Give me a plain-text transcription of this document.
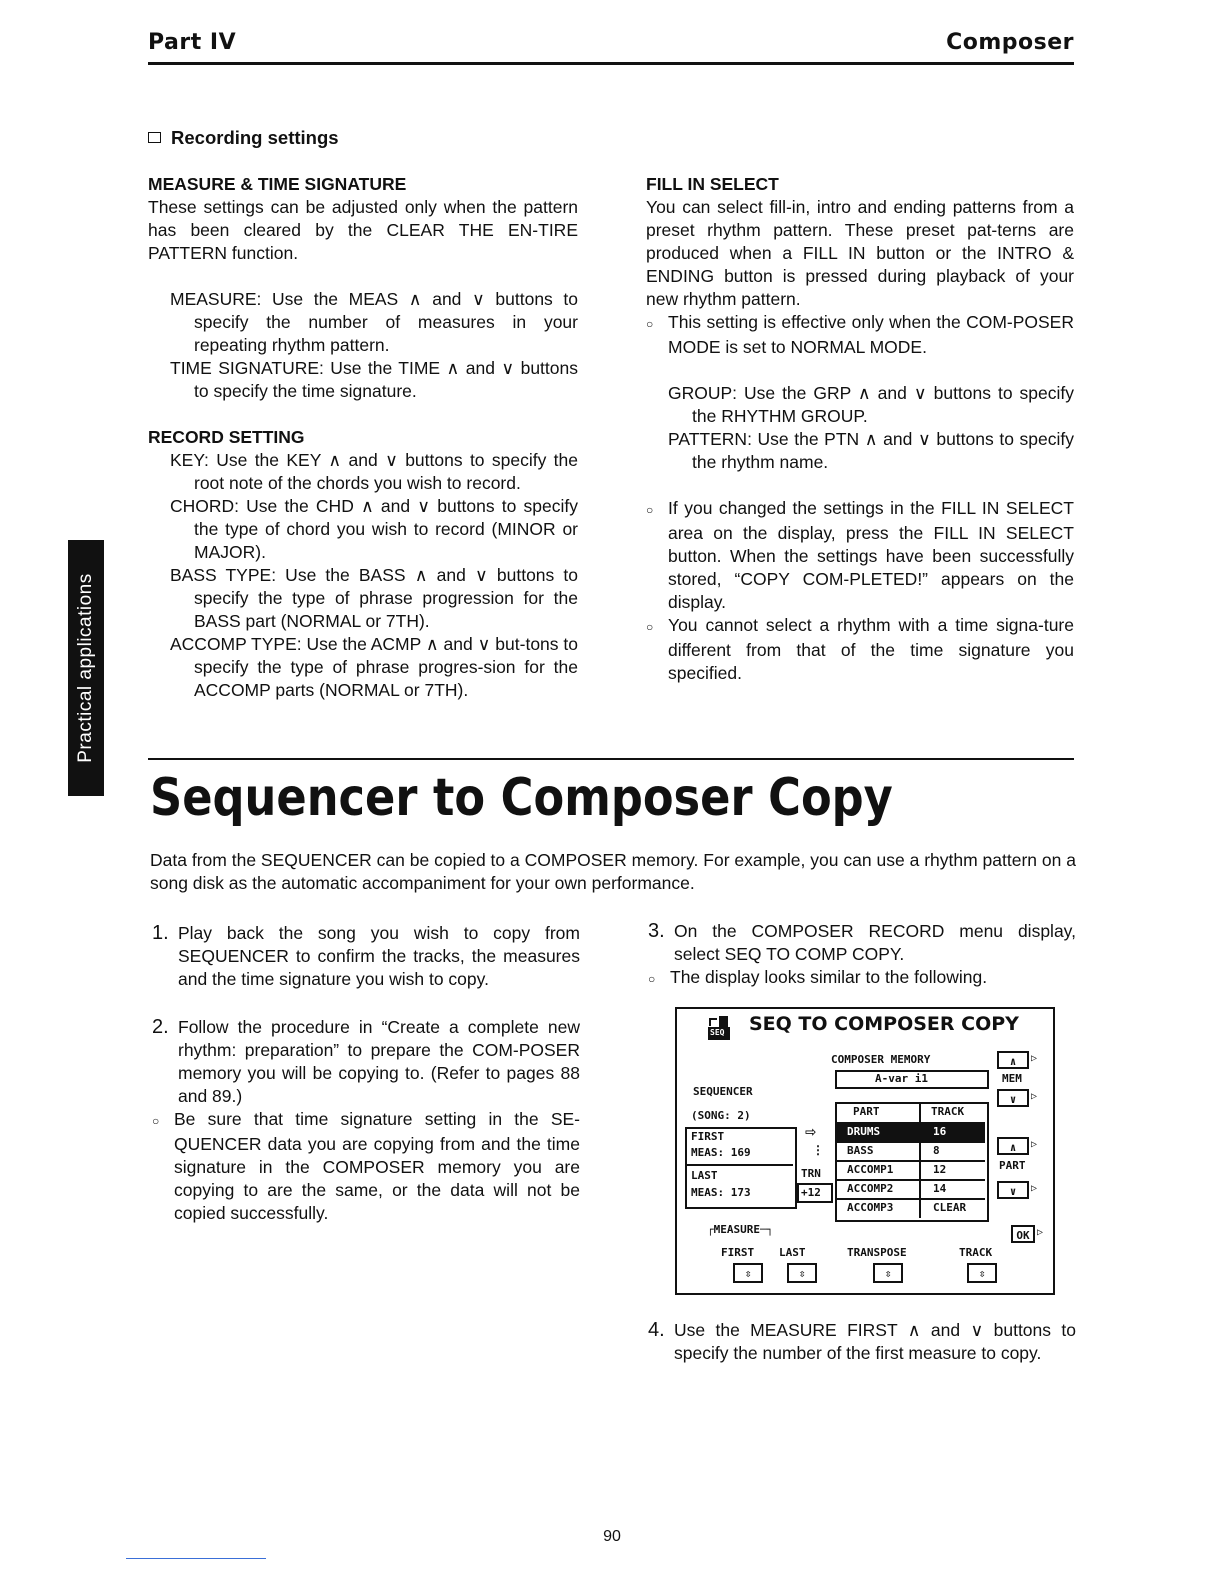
Part IV	Composer
Practical applications
Recording settings

MEASURE & TIME SIGNATURE

These settings can be adjusted only when the pattern has been cleared by the CLEAR THE EN-TIRE PATTERN function.

MEASURE: Use the MEAS ∧ and ∨ buttons to specify the number of measures in your repeating rhythm pattern.

TIME SIGNATURE: Use the TIME ∧ and ∨ buttons to specify the time signature.

RECORD SETTING

KEY: Use the KEY ∧ and ∨ buttons to specify the root note of the chords you wish to record.

CHORD: Use the CHD ∧ and ∨ buttons to specify the type of chord you wish to record (MINOR or MAJOR).

BASS TYPE: Use the BASS ∧ and ∨ buttons to specify the type of phrase progression for the BASS part (NORMAL or 7TH).

ACCOMP TYPE: Use the ACMP ∧ and ∨ but-tons to specify the type of phrase progres-sion for the ACCOMP parts (NORMAL or 7TH).

FILL IN SELECT

You can select fill-in, intro and ending patterns from a preset rhythm pattern. These preset pat-terns are produced when a FILL IN button or the INTRO & ENDING button is pressed during playback of your new rhythm pattern.

○ This setting is effective only when the COM-POSER MODE is set to NORMAL MODE.

GROUP: Use the GRP ∧ and ∨ buttons to specify the RHYTHM GROUP.

PATTERN: Use the PTN ∧ and ∨ buttons to specify the rhythm name.

○ If you changed the settings in the FILL IN SELECT area on the display, press the FILL IN SELECT button. When the settings have been successfully stored, “COPY COM-PLETED!” appears on the display.

○ You cannot select a rhythm with a time signa-ture different from that of the time signature you specified.

Sequencer to Composer Copy
Data from the SEQUENCER can be copied to a COMPOSER memory. For example, you can use a rhythm pattern on a song disk as the automatic accompaniment for your own performance.

1. Play back the song you wish to copy from SEQUENCER to confirm the tracks, the measures and the time signature you wish to copy.

2. Follow the procedure in “Create a complete new rhythm: preparation” to prepare the COM-POSER memory you will be copying to. (Refer to pages 88 and 89.)

○ Be sure that time signature setting in the SE-QUENCER data you are copying from and the time signature in the COMPOSER memory you are copying to are the same, or the data will not be copied successfully.

3. On the COMPOSER RECORD menu display, select SEQ TO COMP COPY.

○ The display looks similar to the following.

4. Use the MEASURE FIRST ∧ and ∨ buttons to specify the number of the first measure to copy.

SEQ SEQ TO COMPOSER COPY
COMPOSER MEMORY
A-var i1
∧	▷
MEM
∨	▷
SEQUENCER
(SONG: 2)
FIRST
MEAS: 169
LAST
MEAS: 173
⇨
⋮
TRN
+12
PART	TRACK
DRUMS	16
BASS	8
ACCOMP1	12
ACCOMP2	14
ACCOMP3	CLEAR
∧	▷
PART
∨	▷
OK ▷
┌MEASURE─┐
FIRST LAST	TRANSPOSE	TRACK
⇳	⇳	⇳	⇳
90
